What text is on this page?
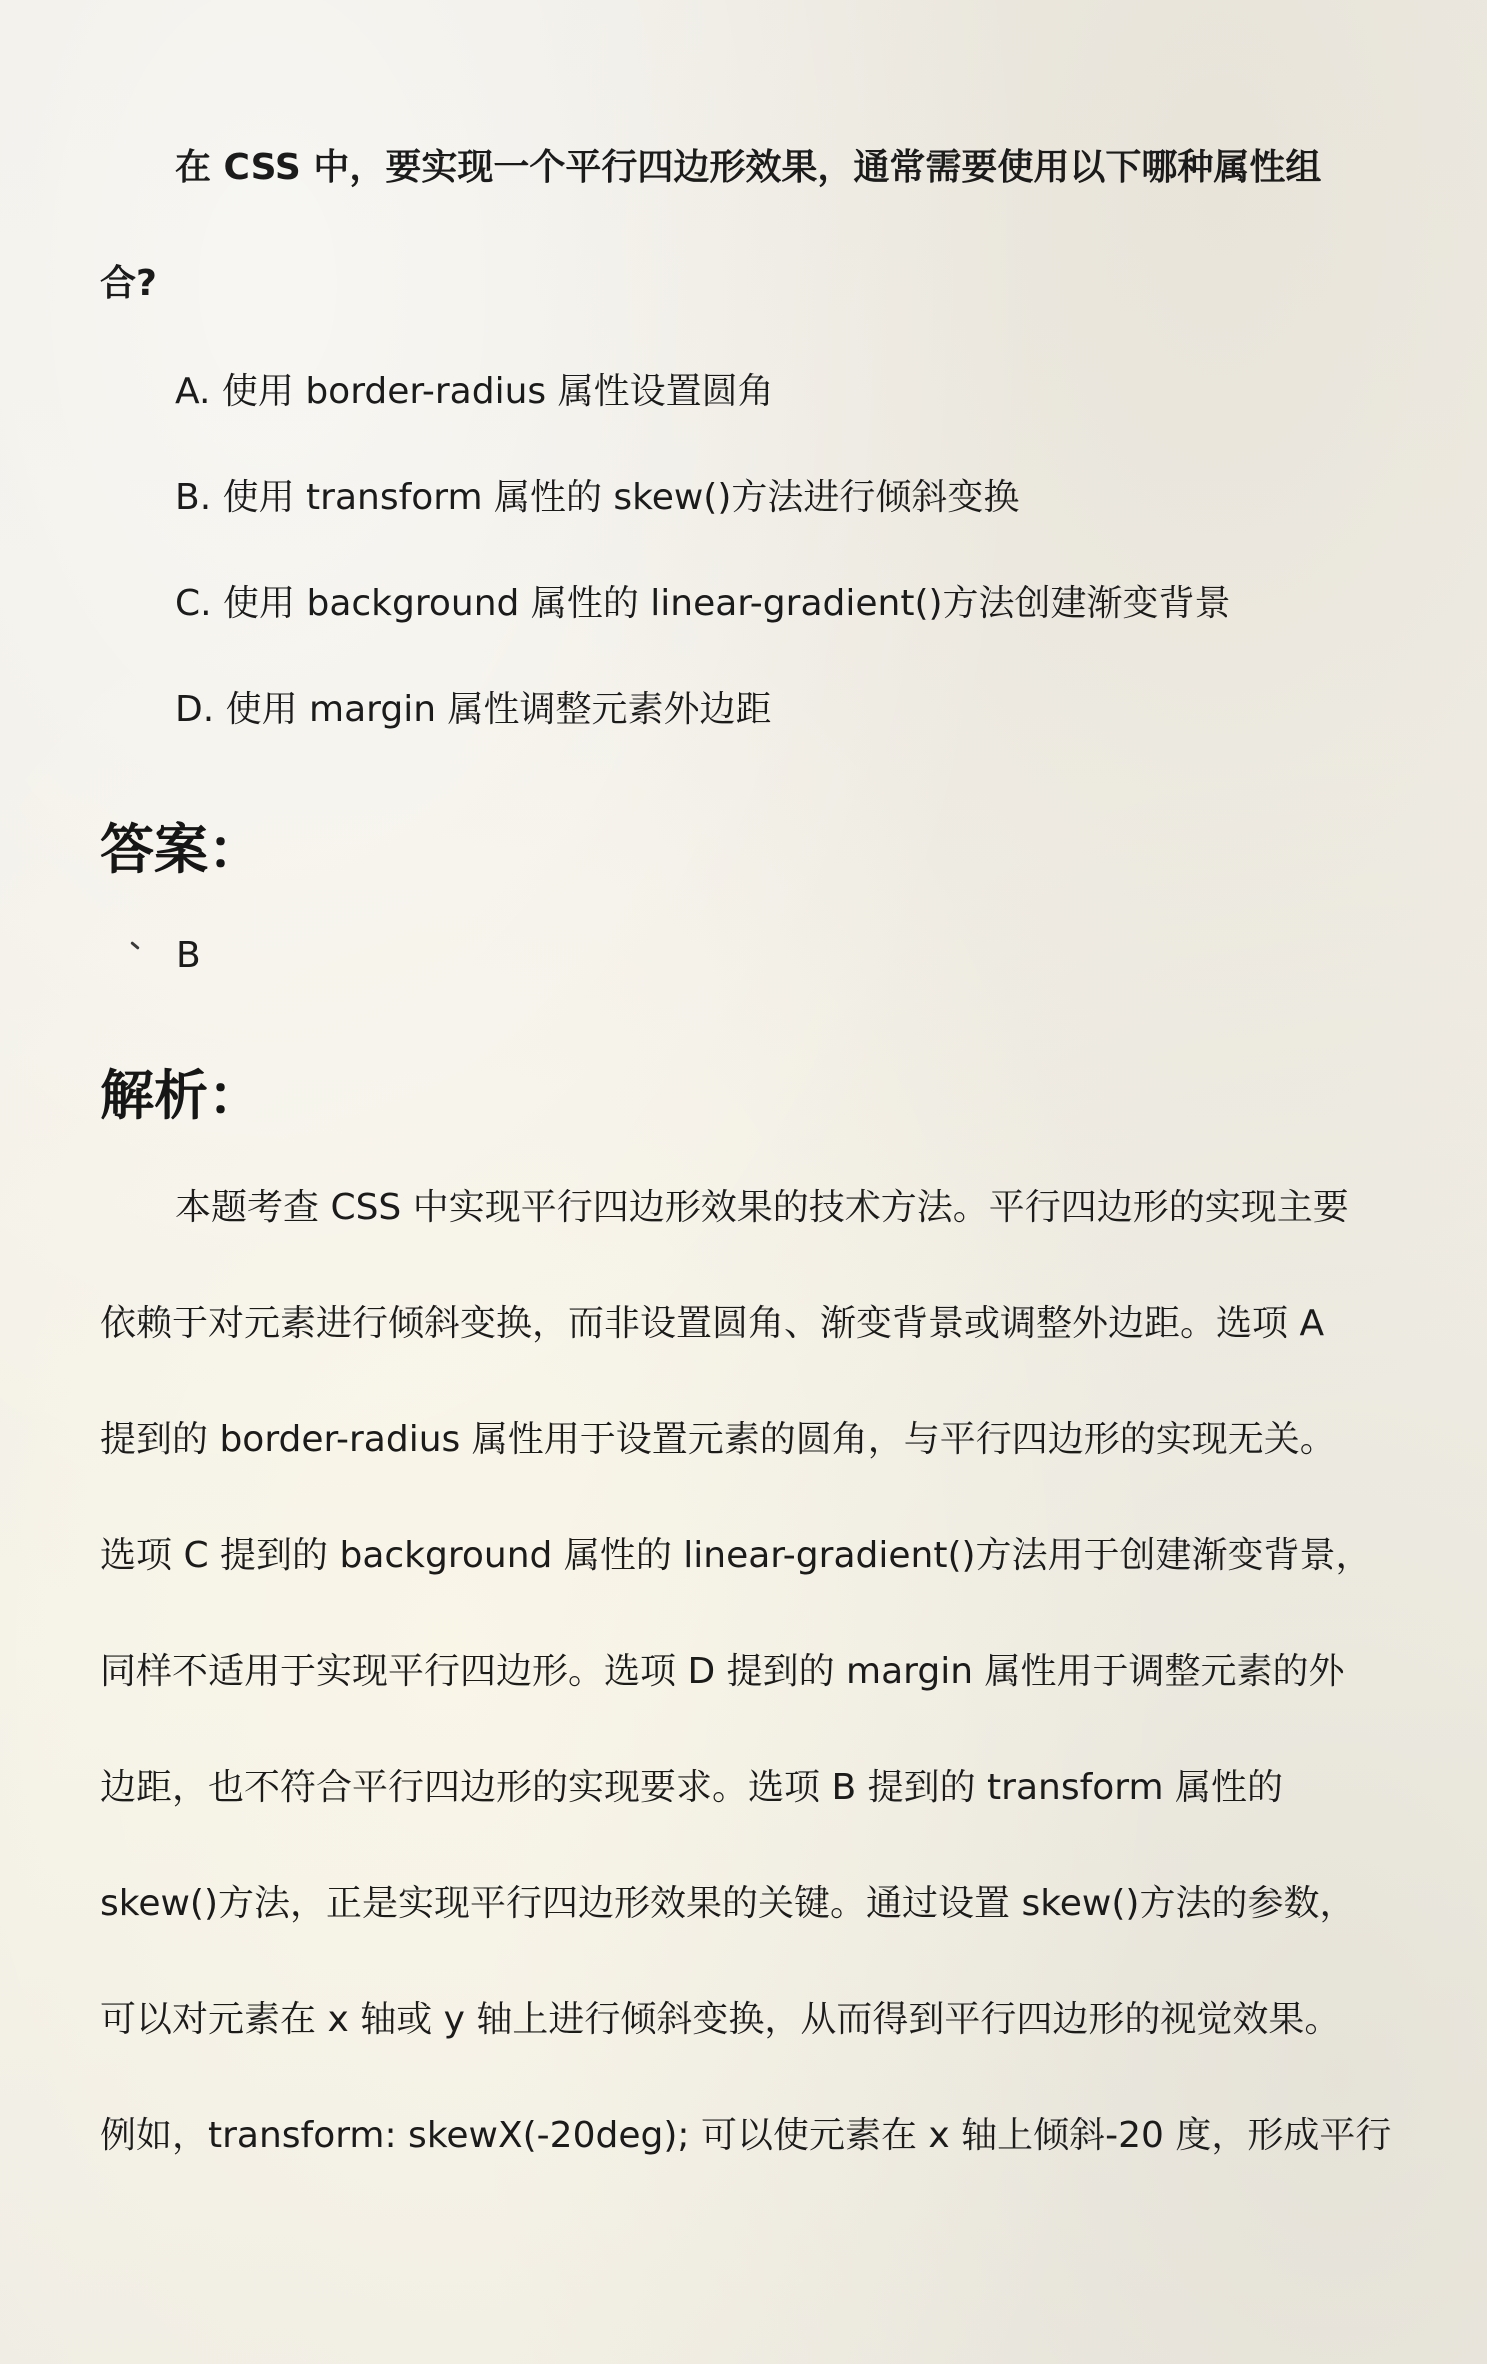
在 CSS 中，要实现一个平行四边形效果，通常需要使用以下哪种属性组
合?
A. 使用 border-radius 属性设置圆角
B. 使用 transform 属性的 skew()方法进行倾斜变换
C. 使用 background 属性的 linear-gradient()方法创建渐变背景
D. 使用 margin 属性调整元素外边距
答案：
B
解析：
本题考查 CSS 中实现平行四边形效果的技术方法。平行四边形的实现主要
依赖于对元素进行倾斜变换，而非设置圆角、渐变背景或调整外边距。选项 A
提到的 border-radius 属性用于设置元素的圆角，与平行四边形的实现无关。
选项 C 提到的 background 属性的 linear-gradient()方法用于创建渐变背景，
同样不适用于实现平行四边形。选项 D 提到的 margin 属性用于调整元素的外
边距，也不符合平行四边形的实现要求。选项 B 提到的 transform 属性的
skew()方法，正是实现平行四边形效果的关键。通过设置 skew()方法的参数，
可以对元素在 x 轴或 y 轴上进行倾斜变换，从而得到平行四边形的视觉效果。
例如，transform: skewX(-20deg); 可以使元素在 x 轴上倾斜-20 度，形成平行
